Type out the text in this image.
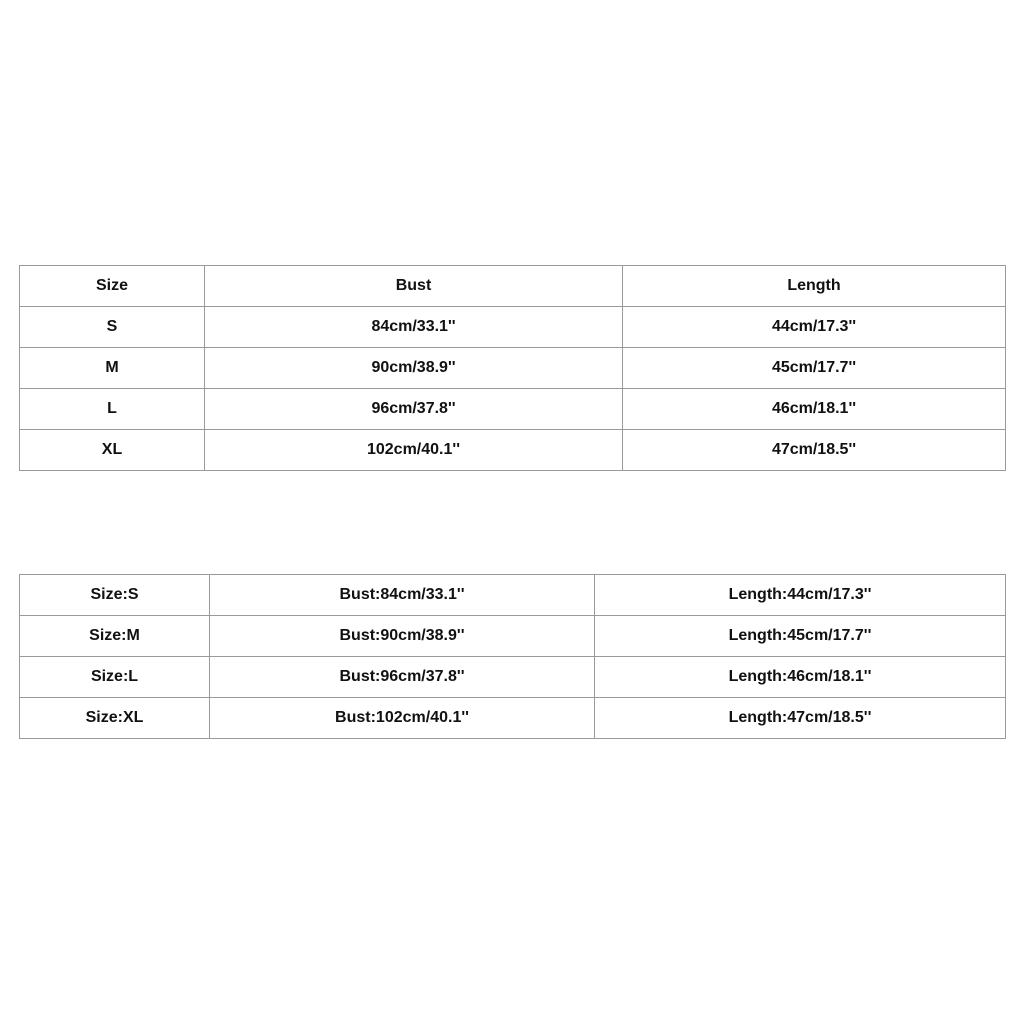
Size	Bust	Length
S	84cm/33.1''	44cm/17.3''
M	90cm/38.9''	45cm/17.7''
L	96cm/37.8''	46cm/18.1''
XL	102cm/40.1''	47cm/18.5''
Size:S	Bust:84cm/33.1''	Length:44cm/17.3''
Size:M	Bust:90cm/38.9''	Length:45cm/17.7''
Size:L	Bust:96cm/37.8''	Length:46cm/18.1''
Size:XL	Bust:102cm/40.1''	Length:47cm/18.5''
